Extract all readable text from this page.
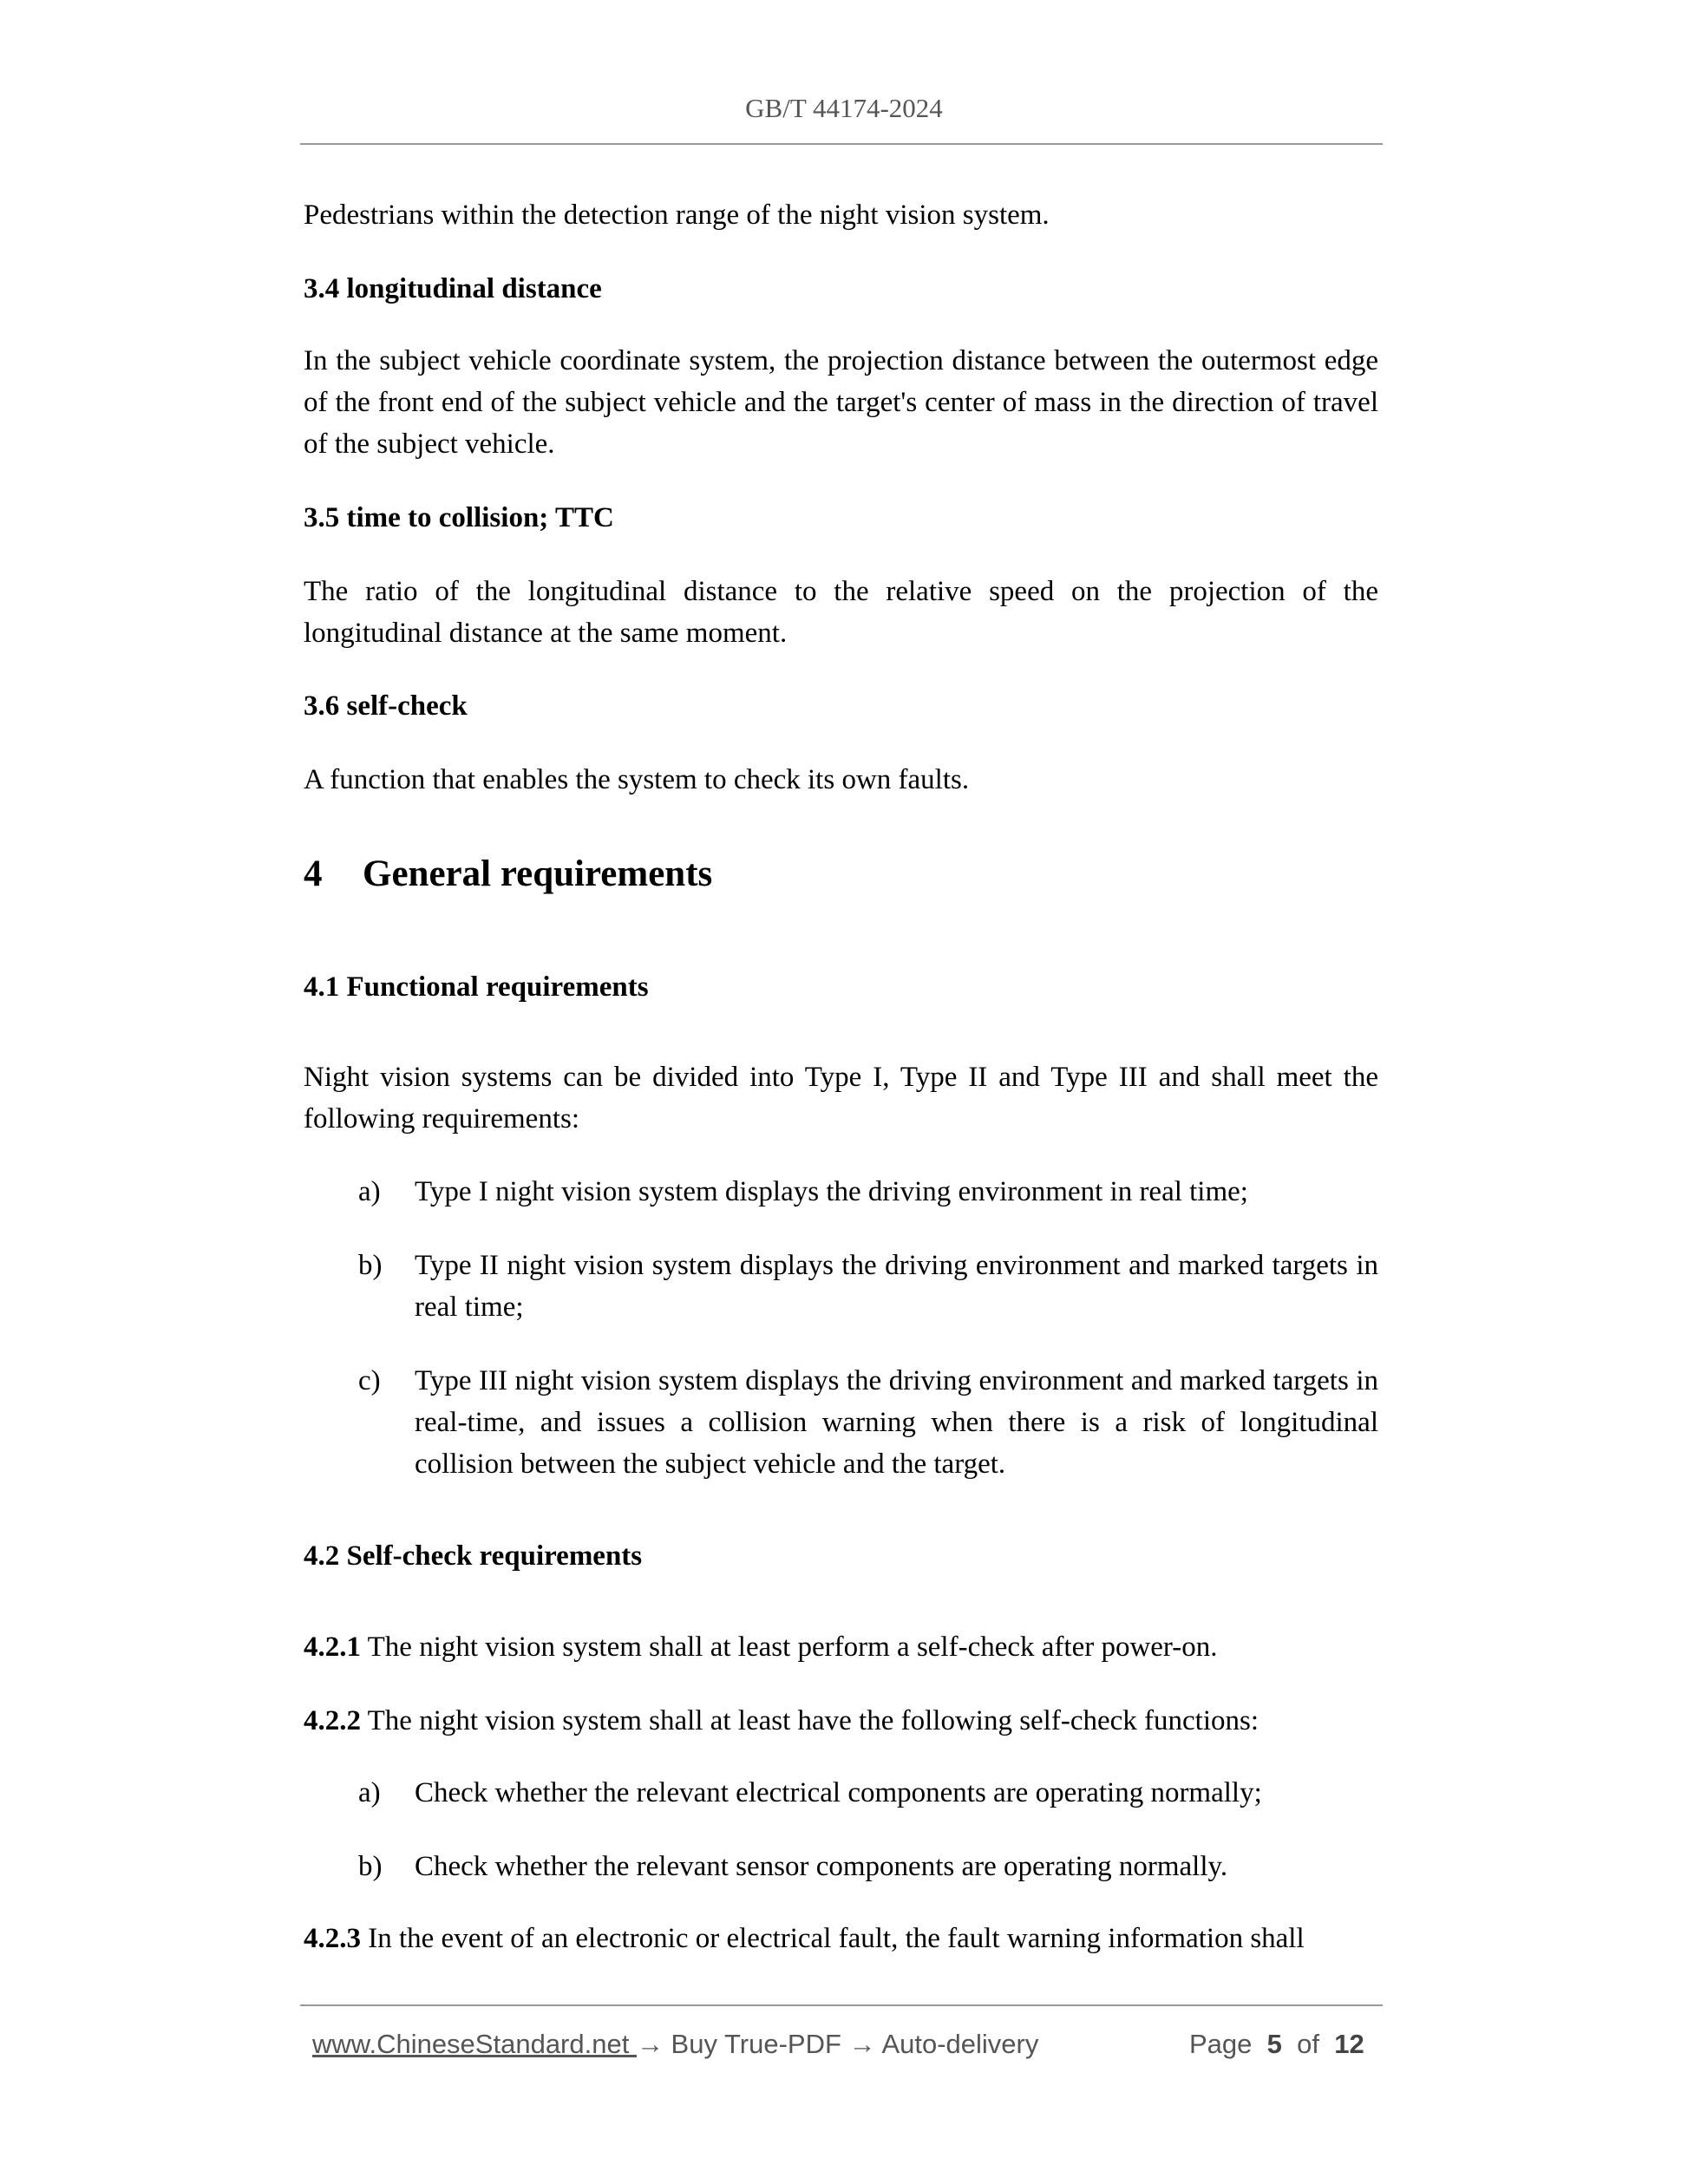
GB/T 44174-2024
Pedestrians within the detection range of the night vision system.
3.4 longitudinal distance
In the subject vehicle coordinate system, the projection distance between the outermost edge of the front end of the subject vehicle and the target's center of mass in the direction of travel of the subject vehicle.
3.5 time to collision; TTC
The ratio of the longitudinal distance to the relative speed on the projection of the longitudinal distance at the same moment.
3.6 self-check
A function that enables the system to check its own faults.
4 General requirements
4.1 Functional requirements
Night vision systems can be divided into Type I, Type II and Type III and shall meet the following requirements:
a) Type I night vision system displays the driving environment in real time;
b) Type II night vision system displays the driving environment and marked targets in real time;
c) Type III night vision system displays the driving environment and marked targets in real-time, and issues a collision warning when there is a risk of longitudinal collision between the subject vehicle and the target.
4.2 Self-check requirements
4.2.1 The night vision system shall at least perform a self-check after power-on.
4.2.2 The night vision system shall at least have the following self-check functions:
a) Check whether the relevant electrical components are operating normally;
b) Check whether the relevant sensor components are operating normally.
4.2.3 In the event of an electronic or electrical fault, the fault warning information shall
www.ChineseStandard.net → Buy True-PDF → Auto-delivery	Page 5 of 12
